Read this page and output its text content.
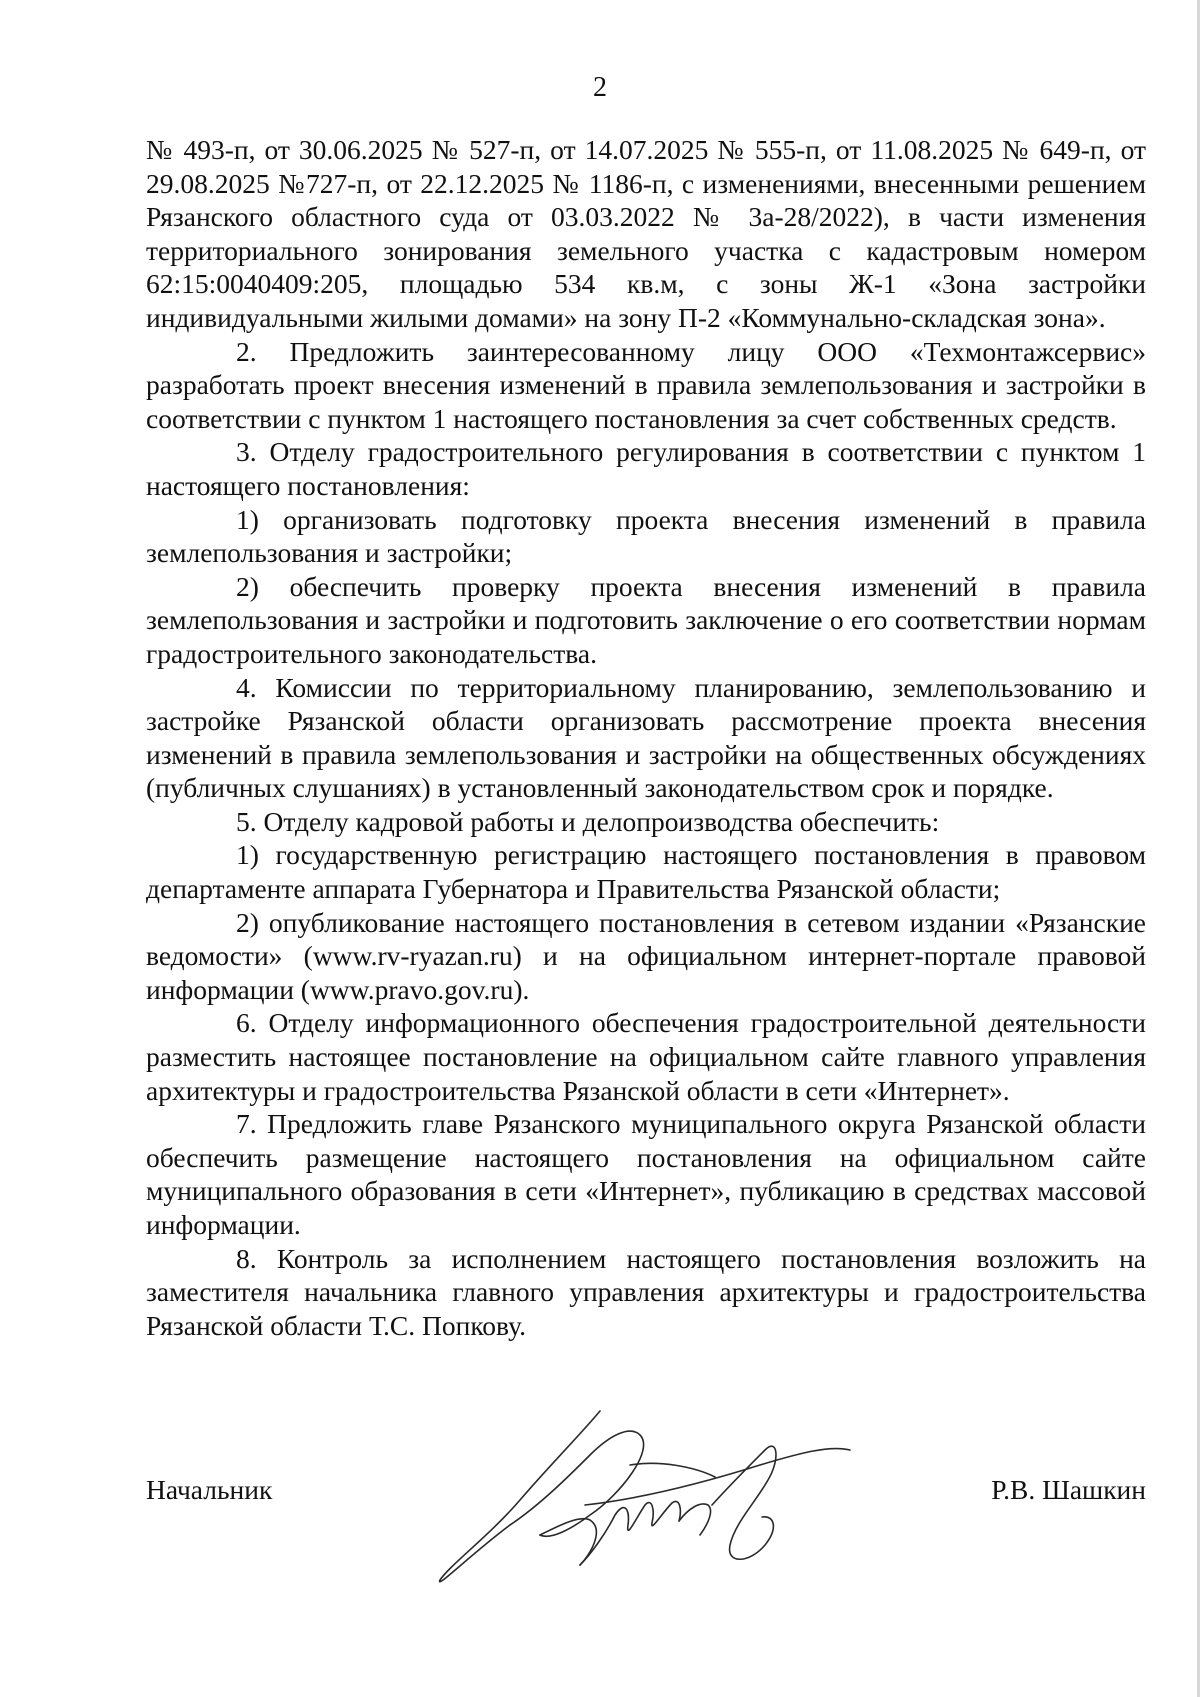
2

№ 493-п, от 30.06.2025 № 527-п, от 14.07.2025 № 555-п, от 11.08.2025 № 649-п, от 29.08.2025 №727-п, от 22.12.2025 № 1186-п, с изменениями, внесенными решением Рязанского областного суда от 03.03.2022 № 3а-28/2022), в части изменения территориального зонирования земельного участка с кадастровым номером 62:15:0040409:205, площадью 534 кв.м, с зоны Ж-1 «Зона застройки индивидуальными жилыми домами» на зону П-2 «Коммунально-складская зона».

2. Предложить заинтересованному лицу ООО «Техмонтажсервис» разработать проект внесения изменений в правила землепользования и застройки в соответствии с пунктом 1 настоящего постановления за счет собственных средств.

3. Отделу градостроительного регулирования в соответствии с пунктом 1 настоящего постановления:

1) организовать подготовку проекта внесения изменений в правила землепользования и застройки;

2) обеспечить проверку проекта внесения изменений в правила землепользования и застройки и подготовить заключение о его соответствии нормам градостроительного законодательства.

4. Комиссии по территориальному планированию, землепользованию и застройке Рязанской области организовать рассмотрение проекта внесения изменений в правила землепользования и застройки на общественных обсуждениях (публичных слушаниях) в установленный законодательством срок и порядке.

5. Отделу кадровой работы и делопроизводства обеспечить:

1) государственную регистрацию настоящего постановления в правовом департаменте аппарата Губернатора и Правительства Рязанской области;

2) опубликование настоящего постановления в сетевом издании «Рязанские ведомости» (www.rv-ryazan.ru) и на официальном интернет-портале правовой информации (www.pravo.gov.ru).

6. Отделу информационного обеспечения градостроительной деятельности разместить настоящее постановление на официальном сайте главного управления архитектуры и градостроительства Рязанской области в сети «Интернет».

7. Предложить главе Рязанского муниципального округа Рязанской области обеспечить размещение настоящего постановления на официальном сайте муниципального образования в сети «Интернет», публикацию в средствах массовой информации.

8. Контроль за исполнением настоящего постановления возложить на заместителя начальника главного управления архитектуры и градостроительства Рязанской области Т.С. Попкову.

Начальник	Р.В. Шашкин
